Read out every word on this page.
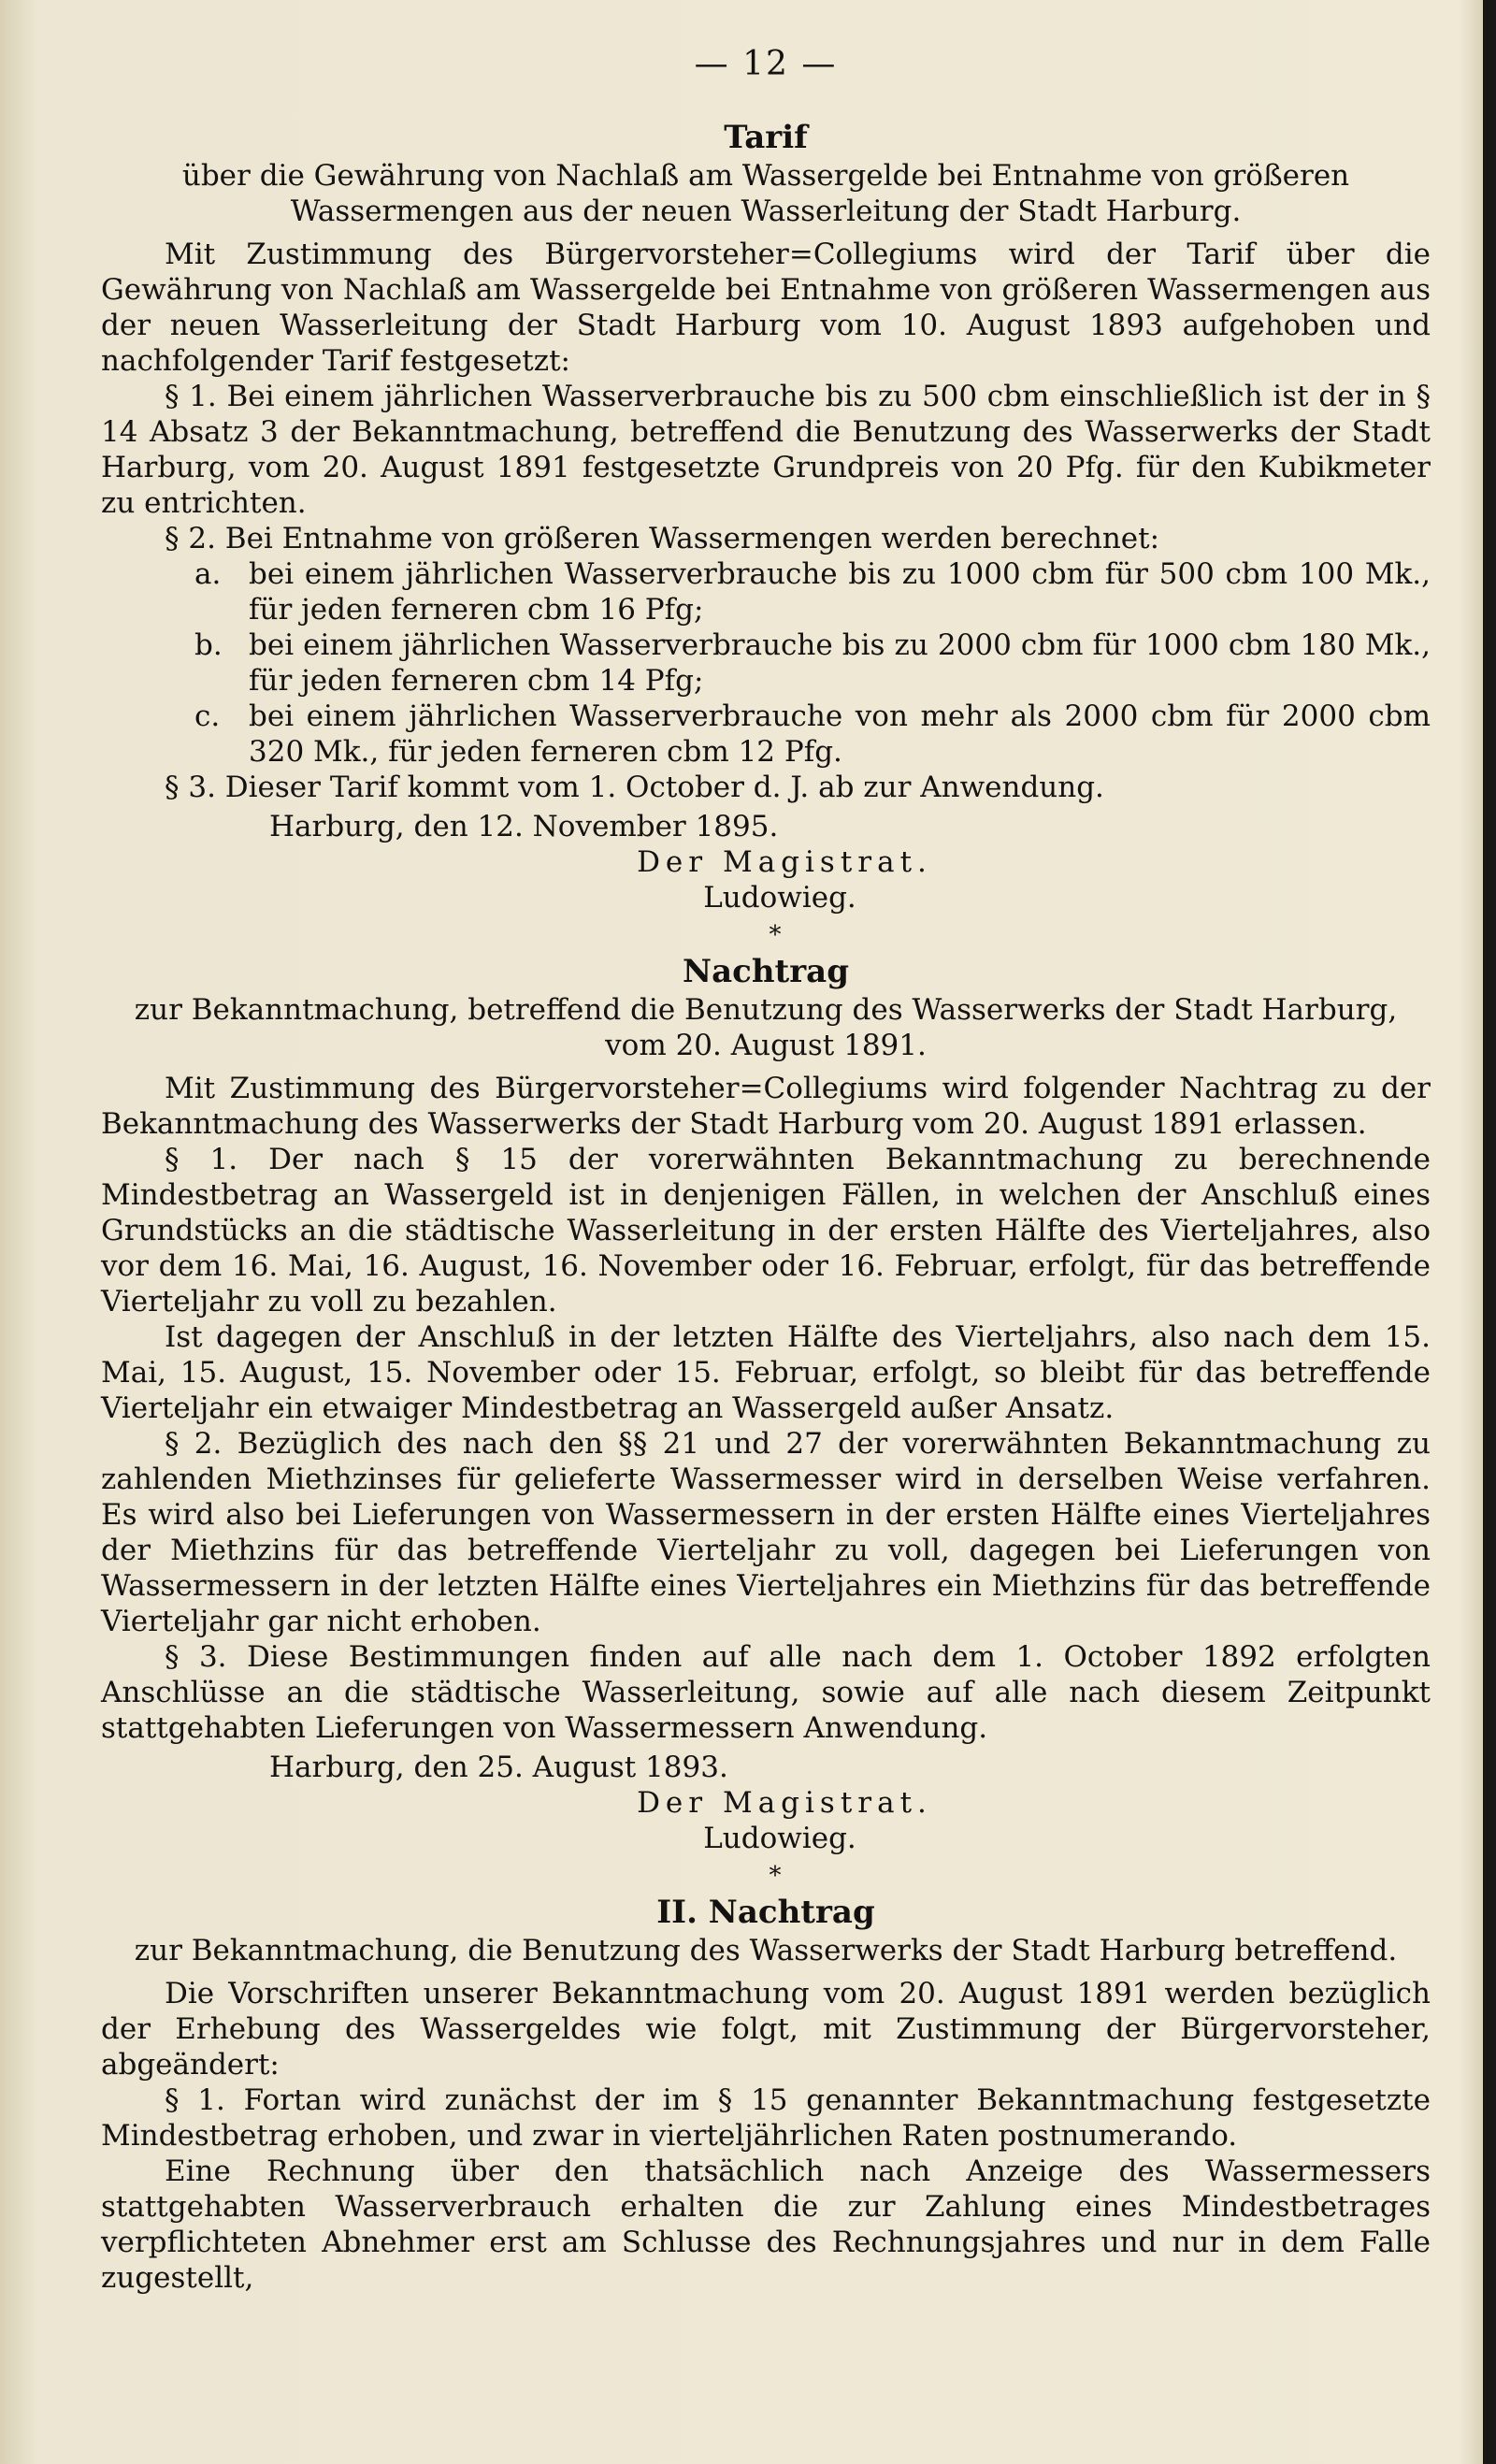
— 12 —
Tarif
über die Gewährung von Nachlaß am Wassergelde bei Entnahme von größeren Wassermengen aus der neuen Wasserleitung der Stadt Harburg.

Mit Zustimmung des Bürgervorsteher=Collegiums wird der Tarif über die Gewährung von Nachlaß am Wassergelde bei Entnahme von größeren Wassermengen aus der neuen Wasserleitung der Stadt Harburg vom 10. August 1893 aufgehoben und nachfolgender Tarif festgesetzt:

§ 1. Bei einem jährlichen Wasserverbrauche bis zu 500 cbm einschließlich ist der in § 14 Absatz 3 der Bekanntmachung, betreffend die Benutzung des Wasserwerks der Stadt Harburg, vom 20. August 1891 festgesetzte Grundpreis von 20 Pfg. für den Kubikmeter zu entrichten.

§ 2. Bei Entnahme von größeren Wassermengen werden berechnet:

a. bei einem jährlichen Wasserverbrauche bis zu 1000 cbm für 500 cbm 100 Mk., für jeden ferneren cbm 16 Pfg;
b. bei einem jährlichen Wasserverbrauche bis zu 2000 cbm für 1000 cbm 180 Mk., für jeden ferneren cbm 14 Pfg;
c. bei einem jährlichen Wasserverbrauche von mehr als 2000 cbm für 2000 cbm 320 Mk., für jeden ferneren cbm 12 Pfg.

§ 3. Dieser Tarif kommt vom 1. October d. J. ab zur Anwendung.

Harburg, den 12. November 1895.
Der Magistrat.
Ludowieg.
*
Nachtrag
zur Bekanntmachung, betreffend die Benutzung des Wasserwerks der Stadt Harburg,
vom 20. August 1891.

Mit Zustimmung des Bürgervorsteher=Collegiums wird folgender Nachtrag zu der Bekanntmachung des Wasserwerks der Stadt Harburg vom 20. August 1891 erlassen.

§ 1. Der nach § 15 der vorerwähnten Bekanntmachung zu berechnende Mindestbetrag an Wassergeld ist in denjenigen Fällen, in welchen der Anschluß eines Grundstücks an die städtische Wasserleitung in der ersten Hälfte des Vierteljahres, also vor dem 16. Mai, 16. August, 16. November oder 16. Februar, erfolgt, für das betreffende Vierteljahr zu voll zu bezahlen.

Ist dagegen der Anschluß in der letzten Hälfte des Vierteljahrs, also nach dem 15. Mai, 15. August, 15. November oder 15. Februar, erfolgt, so bleibt für das betreffende Vierteljahr ein etwaiger Mindestbetrag an Wassergeld außer Ansatz.

§ 2. Bezüglich des nach den §§ 21 und 27 der vorerwähnten Bekanntmachung zu zahlenden Miethzinses für gelieferte Wassermesser wird in derselben Weise verfahren. Es wird also bei Lieferungen von Wassermessern in der ersten Hälfte eines Vierteljahres der Miethzins für das betreffende Vierteljahr zu voll, dagegen bei Lieferungen von Wassermessern in der letzten Hälfte eines Vierteljahres ein Miethzins für das betreffende Vierteljahr gar nicht erhoben.

§ 3. Diese Bestimmungen finden auf alle nach dem 1. October 1892 erfolgten Anschlüsse an die städtische Wasserleitung, sowie auf alle nach diesem Zeitpunkt stattgehabten Lieferungen von Wassermessern Anwendung.

Harburg, den 25. August 1893.
Der Magistrat.
Ludowieg.
*
II. Nachtrag
zur Bekanntmachung, die Benutzung des Wasserwerks der Stadt Harburg betreffend.

Die Vorschriften unserer Bekanntmachung vom 20. August 1891 werden bezüglich der Erhebung des Wassergeldes wie folgt, mit Zustimmung der Bürgervorsteher, abgeändert:

§ 1. Fortan wird zunächst der im § 15 genannter Bekanntmachung festgesetzte Mindestbetrag erhoben, und zwar in vierteljährlichen Raten postnumerando.

Eine Rechnung über den thatsächlich nach Anzeige des Wassermessers stattgehabten Wasserverbrauch erhalten die zur Zahlung eines Mindestbetrages verpflichteten Abnehmer erst am Schlusse des Rechnungsjahres und nur in dem Falle zugestellt,
